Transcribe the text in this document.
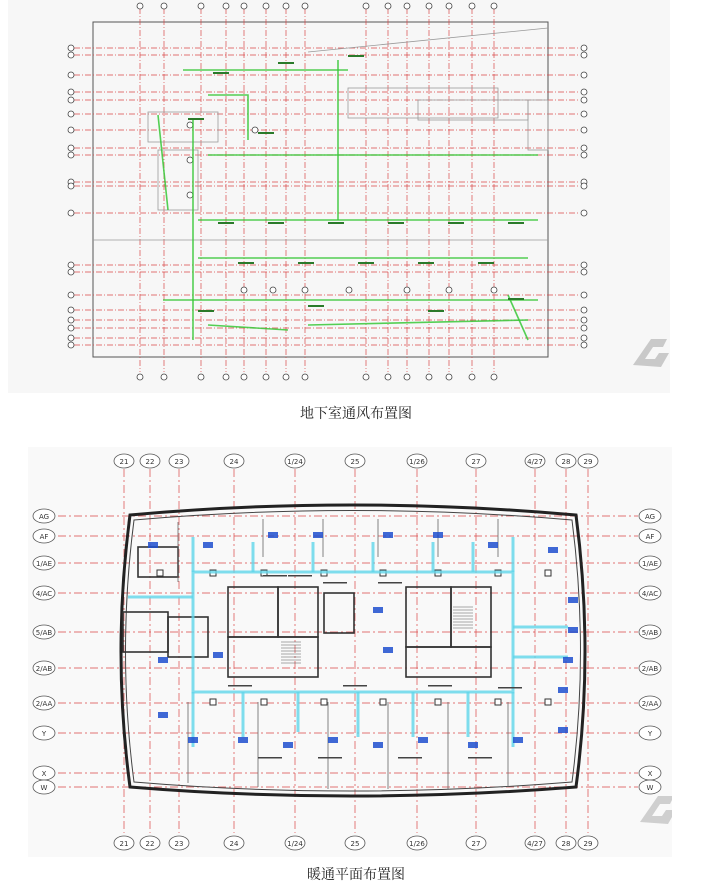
地下室通风布置图
21
21
22
22
23
23
24
24
1/24
1/24
25
25
1/26
1/26
27
27
4/27
4/27
28
28
29
29
AG	AG
AF	AF
1/AE	1/AE
4/AC	4/AC
5/AB	5/AB
2/AB	2/AB
2/AA	2/AA
Y	Y
X	X
W	W
暖通平面布置图
